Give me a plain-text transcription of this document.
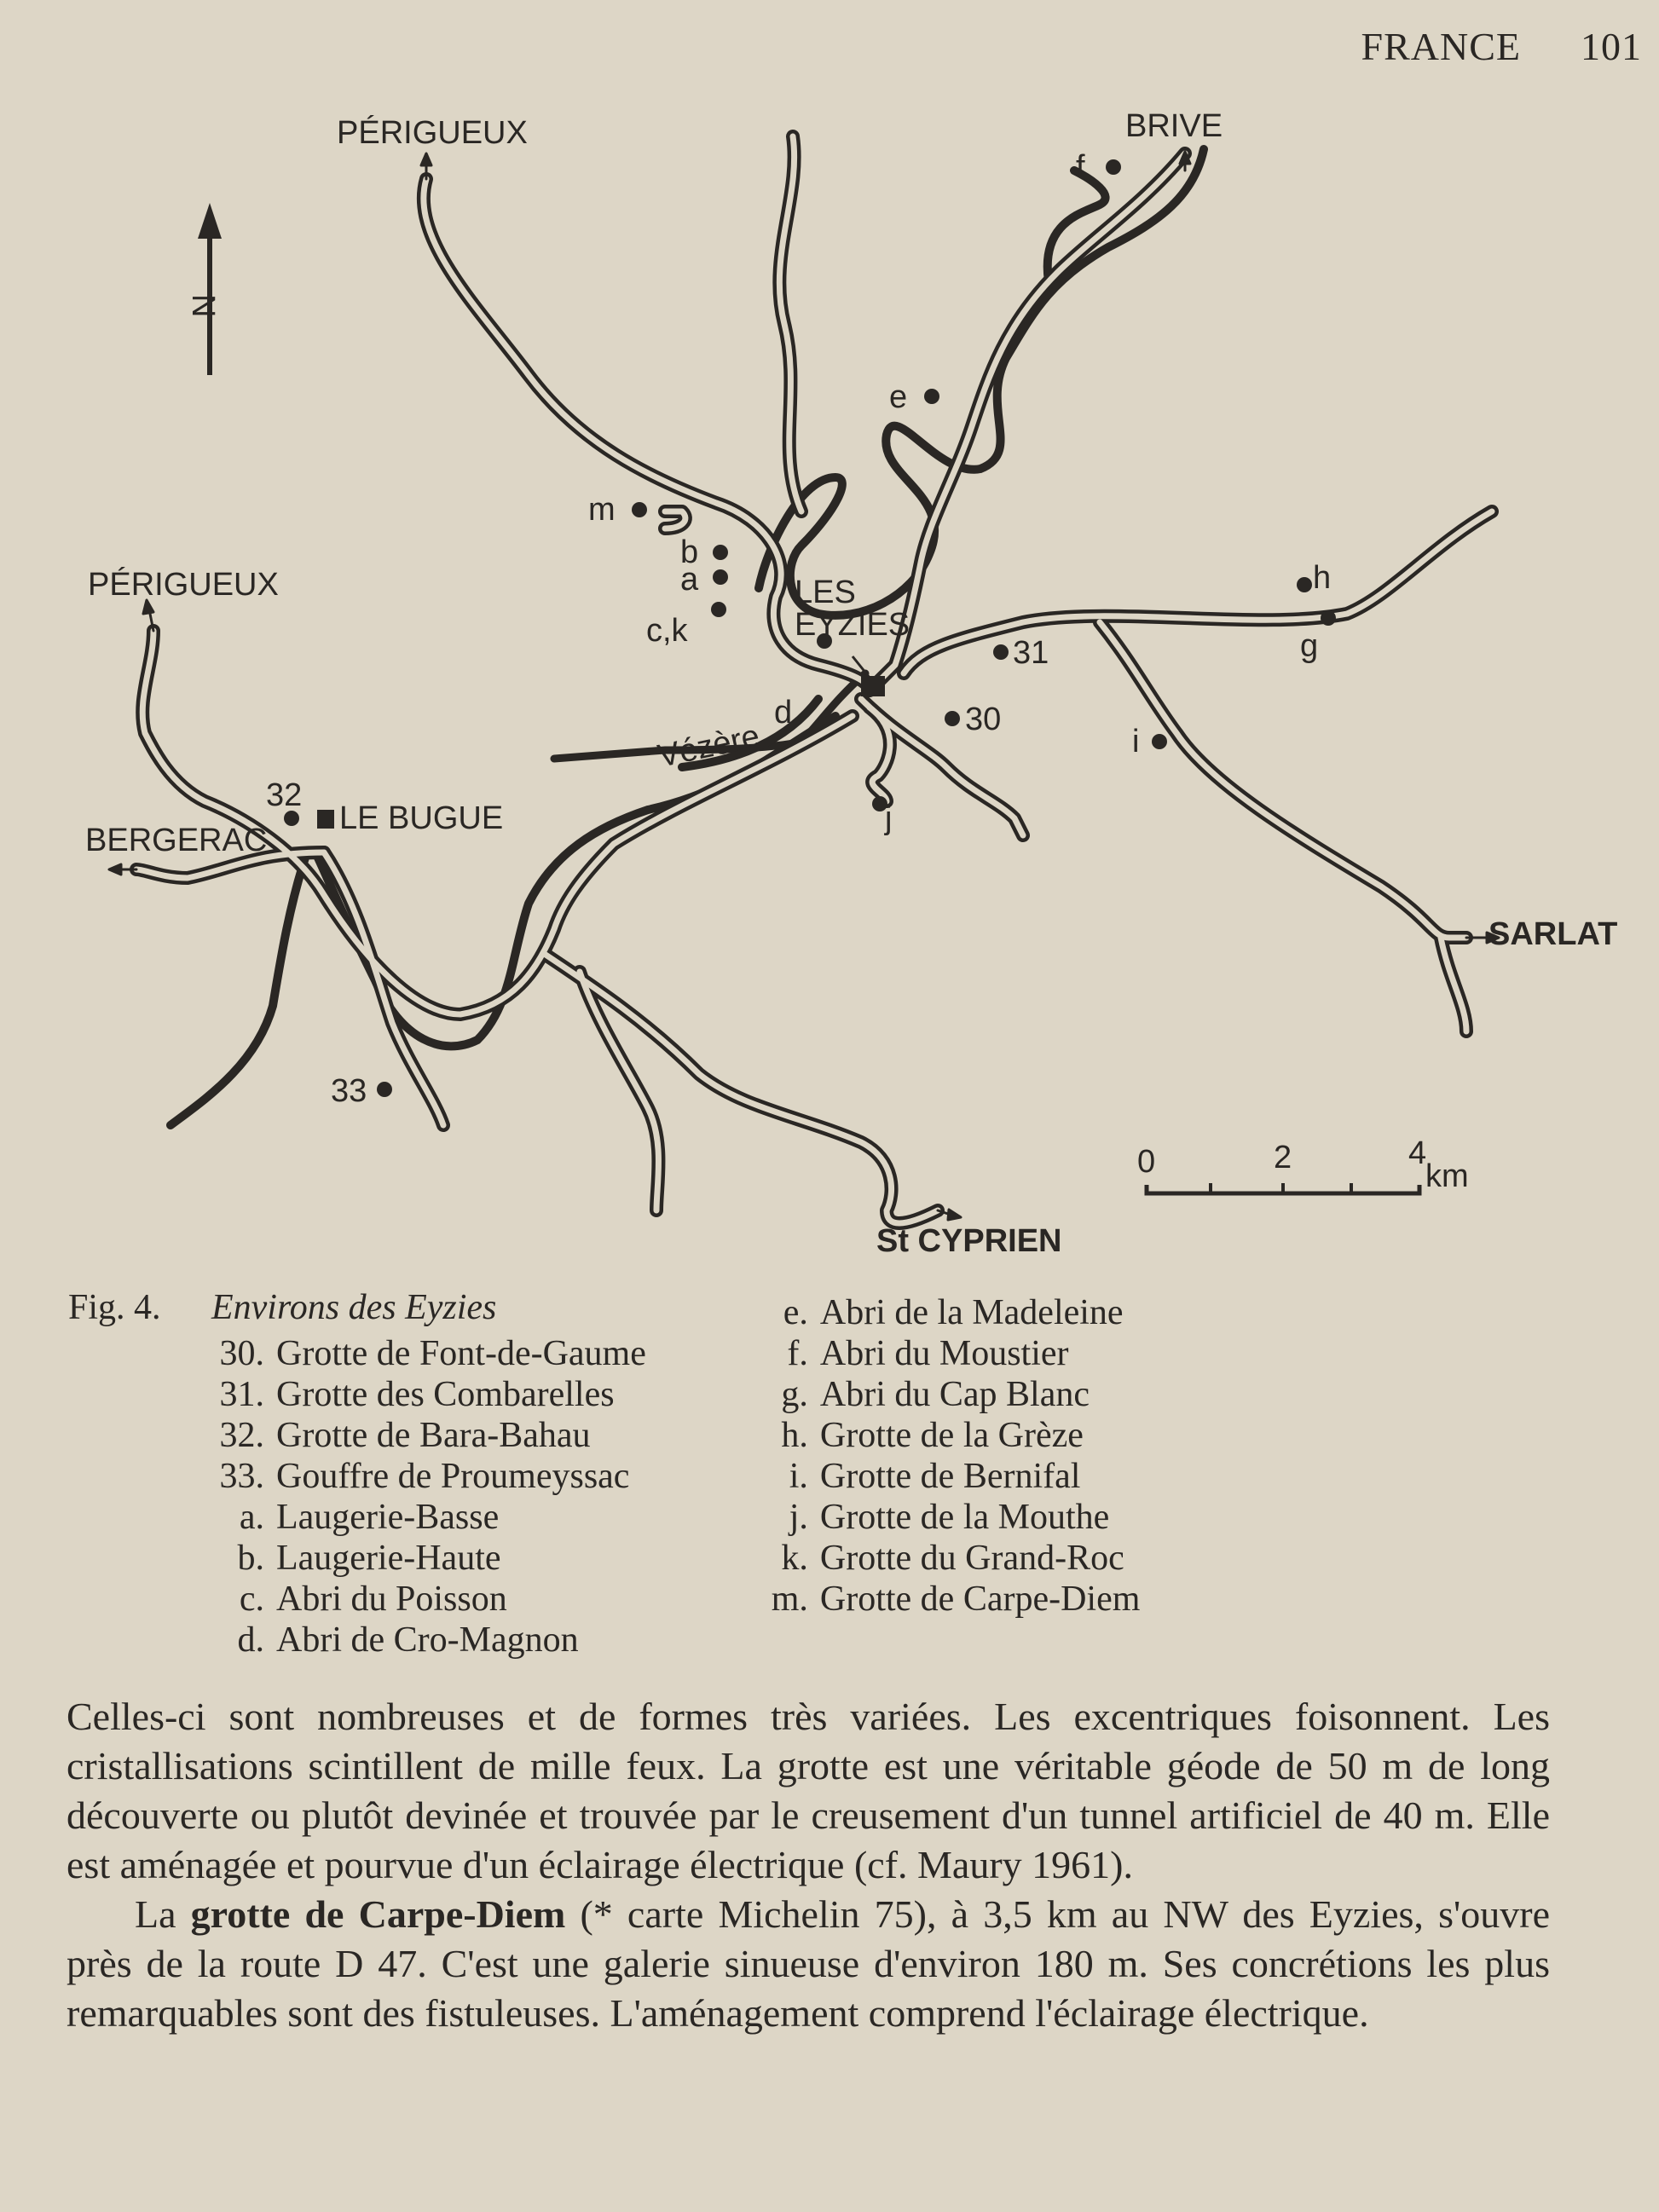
FRANCE 101
N
PÉRIGUEUX	BRIVE
PÉRIGUEUX
BERGERAC
LE BUGUE
LES
EYZIES
SARLAT
St CYPRIEN
Vézère
31
30
32
33
b
a
c,k
d
e
f
g
h
i
j
m
0	2	4
km
Fig. 4.	Environs des Eyzies
30. Grotte de Font-de-Gaume
31. Grotte des Combarelles
32. Grotte de Bara-Bahau
33. Gouffre de Proumeyssac
a. Laugerie-Basse
b. Laugerie-Haute
c. Abri du Poisson
d. Abri de Cro-Magnon
e. Abri de la Madeleine
f. Abri du Moustier
g. Abri du Cap Blanc
h. Grotte de la Grèze
i. Grotte de Bernifal
j. Grotte de la Mouthe
k. Grotte du Grand-Roc
m. Grotte de Carpe-Diem

Celles-ci sont nombreuses et de formes très variées. Les excentriques foisonnent. Les cristallisations scintillent de mille feux. La grotte est une véritable géode de 50 m de long découverte ou plutôt devinée et trouvée par le creusement d'un tunnel artificiel de 40 m. Elle est aménagée et pourvue d'un éclairage électrique (cf. Maury 1961).

La grotte de Carpe-Diem (* carte Michelin 75), à 3,5 km au NW des Eyzies, s'ouvre près de la route D 47. C'est une galerie sinueuse d'environ 180 m. Ses concrétions les plus remarquables sont des fistuleuses. L'aménagement comprend l'éclairage électrique.
